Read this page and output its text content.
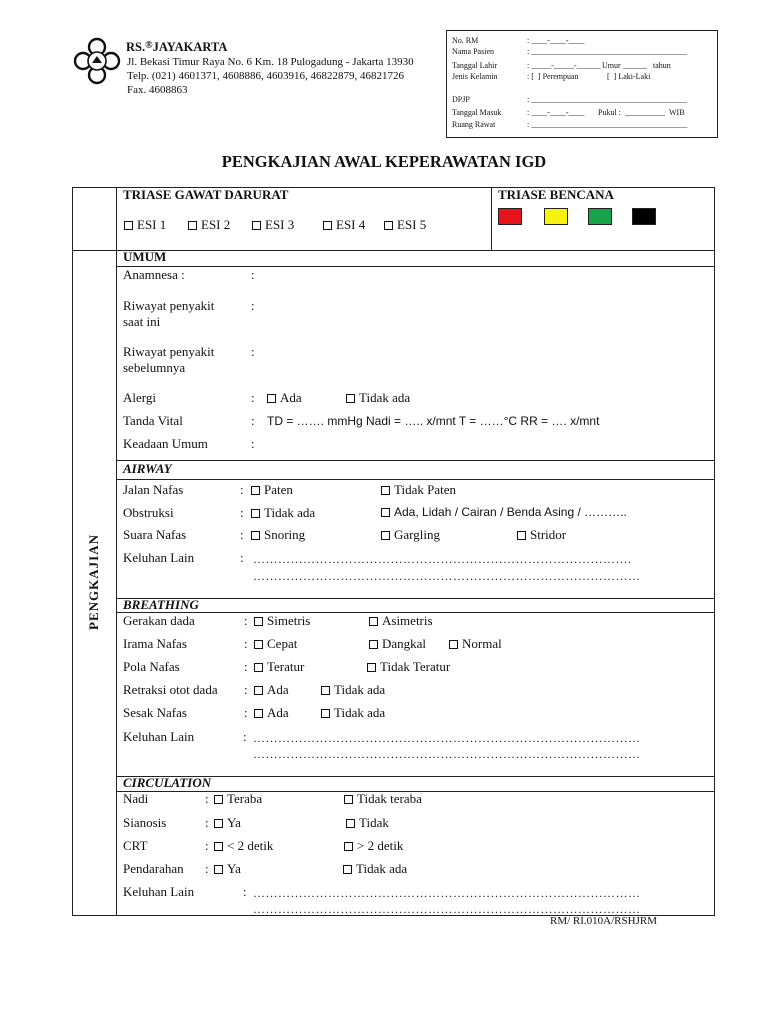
RS.®JAYAKARTA
Jl. Bekasi Timur Raya No. 6 Km. 18 Pulogadung - Jakarta 13930
Telp. (021) 4601371, 4608886, 4603916, 46822879, 46821726
Fax. 4608863
No. RM	: ____-____-____
Nama Pasien	: _______________________________________
Tanggal Lahir	: _____-_____-______ Umur ______ tahun
Jenis Kelamin	: [  ] Perempuan	[  ] Laki-Laki
DPJP	: _______________________________________
Tanggal Masuk	: ____-____-____ Pukul : __________ WIB
Ruang Rawat	: _______________________________________
PENGKAJIAN AWAL KEPERAWATAN IGD
TRIASE GAWAT DARURAT
ESI 1	ESI 2	ESI 3	ESI 4	ESI 5
TRIASE BENCANA
PENGKAJIAN
UMUM
Anamnesa :	:
Riwayat penyakit
saat ini
:
Riwayat penyakit
sebelumnya
:
Alergi	:	Ada	Tidak ada
Tanda Vital	: TD = ……. mmHg Nadi = ….. x/mnt T = ……°C RR = …. x/mnt
Keadaan Umum	:
AIRWAY
Jalan Nafas	:	Paten	Tidak Paten
Obstruksi	:	Tidak ada	Ada, Lidah / Cairan / Benda Asing / ………..
Suara Nafas	:	Snoring	Gargling	Stridor
Keluhan Lain	: ……………………………………………………………………………….
…………………………………………………………………………………
BREATHING
Gerakan dada	:	Simetris	Asimetris
Irama Nafas	:	Cepat	Dangkal	Normal
Pola Nafas	:	Teratur	Tidak Teratur
Retraksi otot dada :	Ada	Tidak ada
Sesak Nafas	:	Ada	Tidak ada
Keluhan Lain	: …………………………………………………………………………………
…………………………………………………………………………………
CIRCULATION
Nadi	:	Teraba	Tidak teraba
Sianosis	:	Ya	Tidak
CRT	:	< 2 detik	> 2 detik
Pendarahan :	Ya	Tidak ada
Keluhan Lain	: …………………………………………………………………………………
…………………………………………………………………………………
RM/ RI.010A/RSHJRM
